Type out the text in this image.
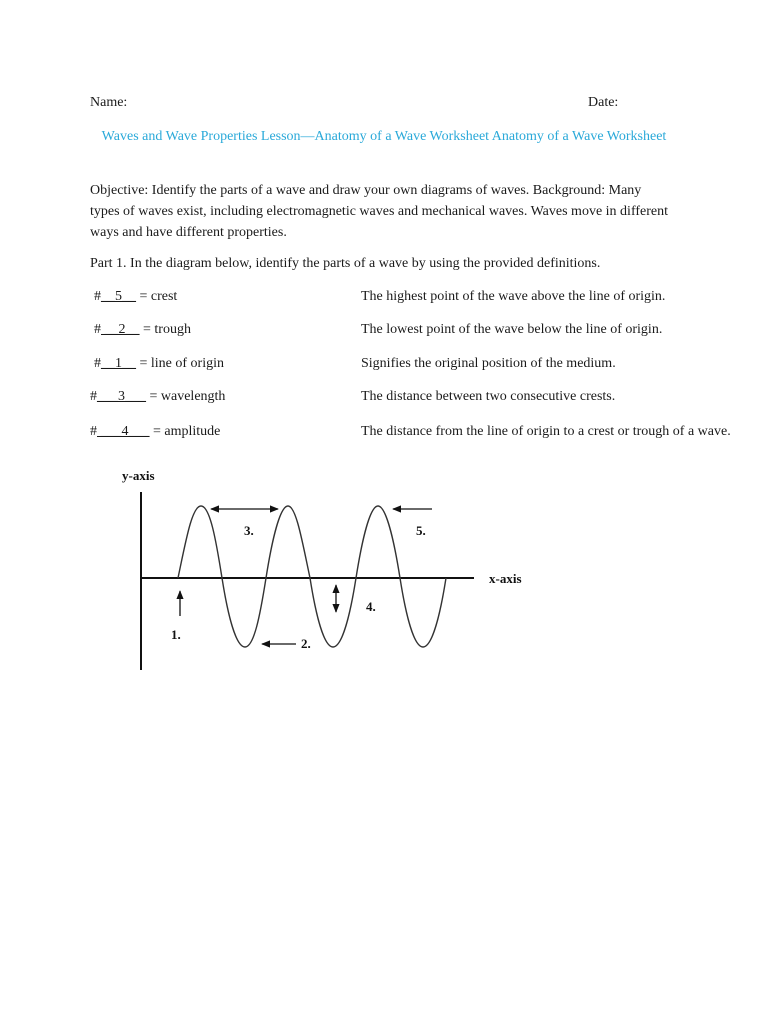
Name:	Date:
Waves and Wave Properties Lesson—Anatomy of a Wave Worksheet Anatomy of a Wave Worksheet
Objective: Identify the parts of a wave and draw your own diagrams of waves. Background: Many types of waves exist, including electromagnetic waves and mechanical waves. Waves move in different ways and have different properties.
Part 1. In the diagram below, identify the parts of a wave by using the provided definitions.
#__5__ = crest	The highest point of the wave above the line of origin.
# __2__ = trough	The lowest point of the wave below the line of origin.
#__1__ = line of origin	Signifies the original position of the medium.
#___3___ = wavelength	The distance between two consecutive crests.
# ___4___ = amplitude	The distance from the line of origin to a crest or trough of a wave.
y-axis
x-axis
1.
2.
3.
4.
5.
